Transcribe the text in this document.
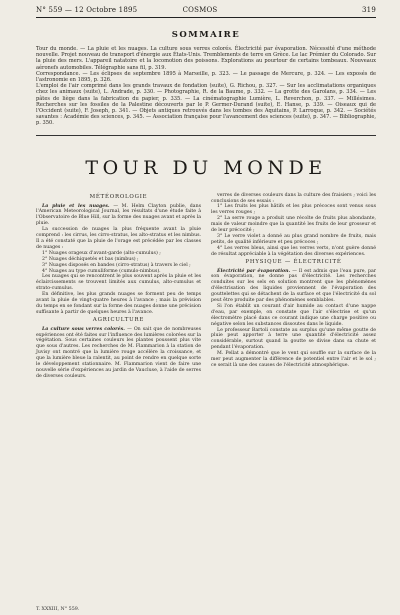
N° 559 — 12 Octobre 1895	COSMOS	319
SOMMAIRE
Tour du monde. — La pluie et les nuages. La culture sous verres colorés. Électricité par évaporation. Nécessité d'une méthode nouvelle. Projet nouveau de transport d'énergie aux États-Unis. Tremblements de terre en Grèce. Le lac Prémier du Colorado. Sur la pluie des mers. L'appareil natatoire et la locomotion des poissons. Explorations au pourtour de certains tombeaux. Nouveaux aéronefs automobiles. Télégraphie sans fil, p. 319.
Correspondance. — Les éclipses de septembre 1895 à Marseille, p. 323. — Le passage de Mercure, p. 324. — Les exposés de l'astronomie en 1895, p. 326.
L'emploi de l'air comprimé dans les grands travaux de fondation (suite), G. Richou, p. 327. — Sur les acclimatations organiques chez les animaux (suite), L. Andrade, p. 330. — Photographie, R. de la Baume, p. 332. — La grotte des Garolans, p. 334. — Les pâtes de liège dans la fabrication du papier, p. 335. — La cinématographie Lumière, L. Reverchon, p. 337. — Millésimes. Recherches sur les fossiles de la Palestine découverts par le P. Germer-Durand (suite), E. Hanse, p. 339. — Oiseaux qui de l'Occident (suite), F. Joseph, p. 341. — Objets antiques retrouvés dans les tombes des Aquitains, P. Larroque, p. 342. — Sociétés savantes : Académie des sciences, p. 345. — Association française pour l'avancement des sciences (suite), p. 347. — Bibliographie, p. 350.
TOUR DU MONDE
MÉTÉOROLOGIE

La pluie et les nuages. — M. Helm Clayton publie, dans l'American Meteorological Journal, les résultats d'une étude faite à l'Observatoire de Blue Hill, sur la forme des nuages avant et après la pluie.

La succession de nuages la plus fréquente avant la pluie comprend : les cirrus, les cirro-stratus, les alto-stratus et les nimbus. Il a été constaté que la pluie de l'orage est précédée par les classes de nuages :

1° Nuages orageux d'avant-garde (alto-cumulus) ;

2° Nuages déchiquetés et bas (nimbus) ;

3° Nuages disposés en bandes (cirro-stratus) à travers le ciel ;

4° Nuages au type cumuliforme (cumulo-nimbus).

Les nuages qui se rencontrent le plus souvent après la pluie et les éclaircissements se trouvent limités aux cumulus, alto-cumulus et strato-cumulus.

En définitive, les plus grands nuages se forment peu de temps avant la pluie de vingt-quatre heures à l'avance ; mais la prévision du temps en se fondant sur la forme des nuages donne une précision suffisante à partir de quelques heures à l'avance.

AGRICULTURE

La culture sous verres colorés. — On sait que de nombreuses expériences ont été faites sur l'influence des lumières colorées sur la végétation. Sous certaines couleurs les plantes poussent plus vite que sous d'autres. Les recherches de M. Flammarion à la station de Juvisy ont montré que la lumière rouge accélère la croissance, et que la lumière bleue la ralentit, au point de rendre en quelque sorte le développement stationnaire. M. Flammarion vient de faire une nouvelle série d'expériences au jardin de Vaucluse, à l'aide de serres de diverses couleurs.

verres de diverses couleurs dans la culture des fraisiers ; voici les conclusions de ses essais :

1° Les fruits les plus hâtifs et les plus précoces sont venus sous les verres rouges ;

2° La serre rouge a produit une récolte de fruits plus abondante, mais de valeur moindre que la quantité les fruits de leur grosseur et de leur précocité ;

3° Le verre violet a donné au plus grand nombre de fruits, mais petits, de qualité inférieure et peu précoces ;

4° Les verres bleus, ainsi que les verres verts, n'ont guère donné de résultat appréciable à la végétation des diverses expériences.

PHYSIQUE — ÉLECTRICITÉ

Électricité par évaporation. — Il est admis que l'eau pure, par son évaporation, ne donne pas d'électricité. Les recherches conduites sur les sels en solution montrent que les phénomènes d'électrisation des liquides proviennent de l'évaporation des gouttelettes qui se détachent de la surface et que l'électricité du sol peut être produite par des phénomènes semblables.

Si l'on établit un courant d'air humide au contact d'une nappe d'eau, par exemple, on constate que l'air s'électrise et qu'un électromètre placé dans ce courant indique une charge positive ou négative selon les substances dissoutes dans le liquide.

Le professeur Bartoli constate au surplus qu'une même goutte de pluie peut apporter à terre une quantité d'électricité assez considérable, surtout quand la goutte se divise dans sa chute et pendant l'évaporation.

M. Pellat a démontré que le vent qui souffle sur la surface de la mer peut augmenter la différence de potentiel entre l'air et le sol ; ce serait là une des causes de l'électricité atmosphérique.

T. XXXIII, N° 559.
